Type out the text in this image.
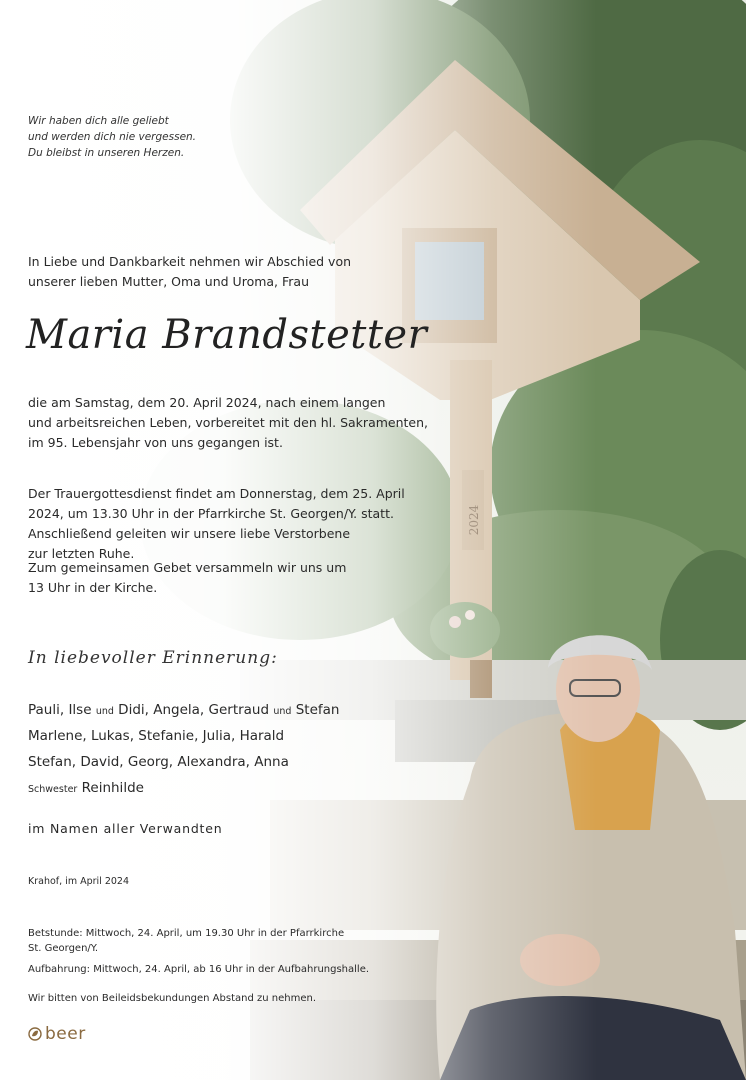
Wir haben dich alle geliebt
und werden dich nie vergessen.
Du bleibst in unseren Herzen.

In Liebe und Dankbarkeit nehmen wir Abschied von
unserer lieben Mutter, Oma und Uroma, Frau

Maria Brandstetter

die am Samstag, dem 20. April 2024, nach einem langen
und arbeitsreichen Leben, vorbereitet mit den hl. Sakramenten,
im 95. Lebensjahr von uns gegangen ist.

Der Trauergottesdienst findet am Donnerstag, dem 25. April
2024, um 13.30 Uhr in der Pfarrkirche St. Georgen/Y. statt.
Anschließend geleiten wir unsere liebe Verstorbene
zur letzten Ruhe.

Zum gemeinsamen Gebet versammeln wir uns um
13 Uhr in der Kirche.

In liebevoller Erinnerung:

Pauli, Ilse und Didi, Angela, Gertraud und Stefan

Marlene, Lukas, Stefanie, Julia, Harald

Stefan, David, Georg, Alexandra, Anna

Schwester Reinhilde

im Namen aller Verwandten

Krahof, im April 2024

Betstunde: Mittwoch, 24. April, um 19.30 Uhr in der Pfarrkirche
St. Georgen/Y.

Aufbahrung: Mittwoch, 24. April, ab 16 Uhr in der Aufbahrungshalle.

Wir bitten von Beileidsbekundungen Abstand zu nehmen.

beer
